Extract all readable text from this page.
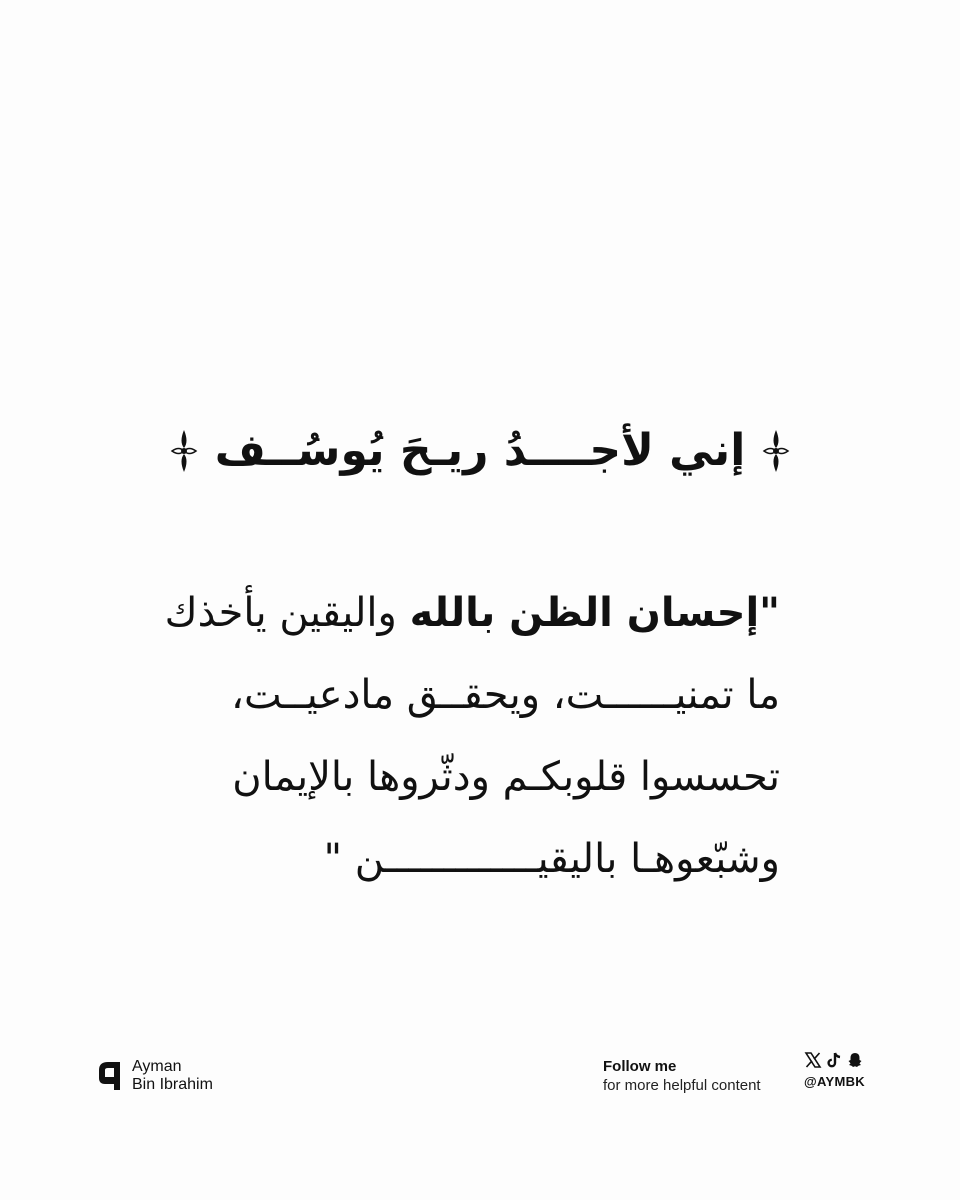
إني لأجــــدُ ريـحَ يُوسُــف
"إحسان الظن بالله واليقين يأخذك
ما تمنيــــــت، ويحقــق مادعيــت،
تحسسوا قلوبكـم ودثّروها بالإيمان
وشبّعوهـا باليقيـــــــــــــن "
Ayman
Bin Ibrahim
Follow me
for more helpful content	@AYMBK
